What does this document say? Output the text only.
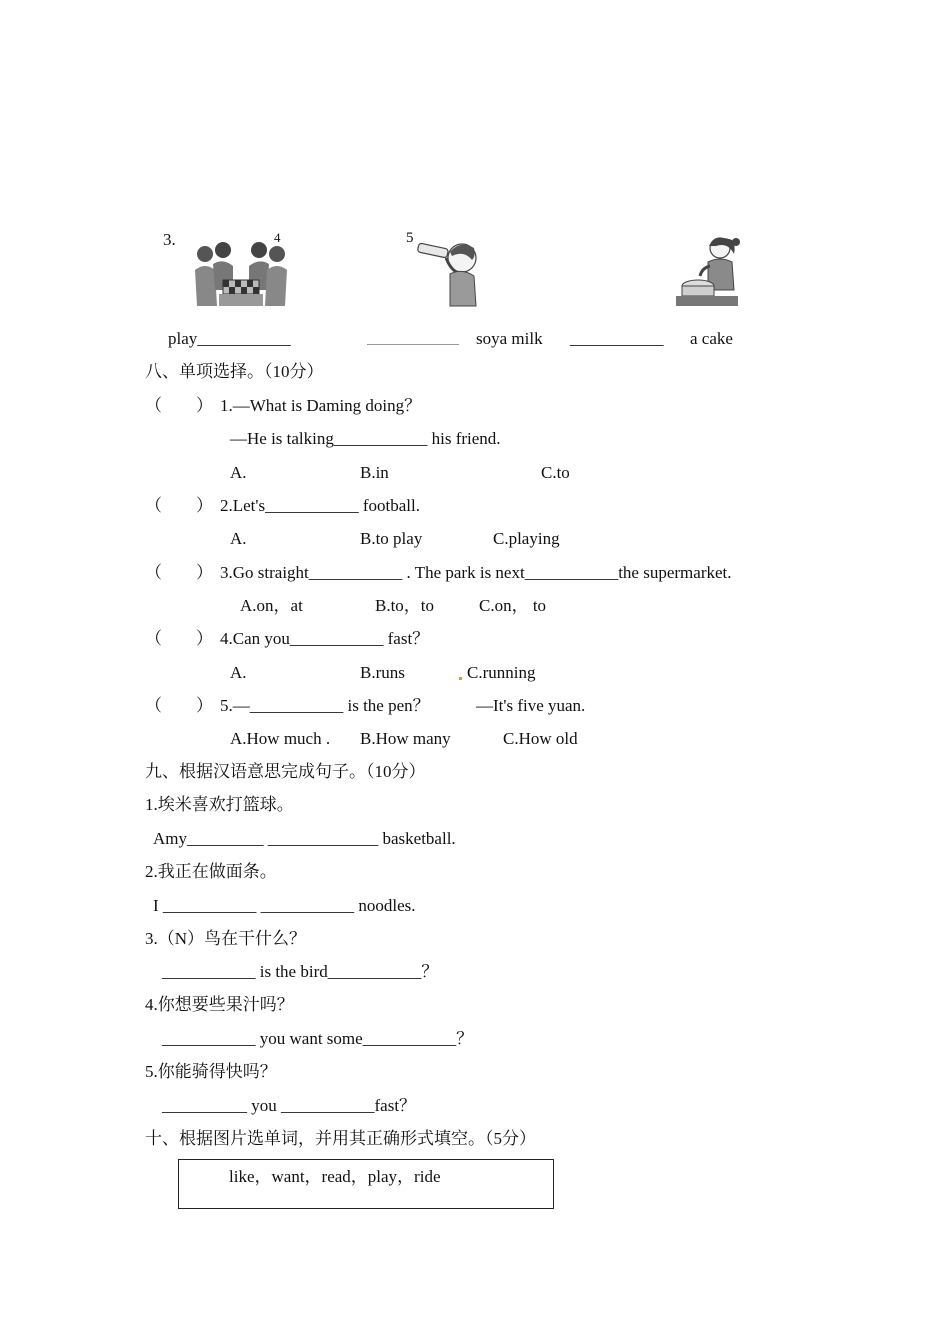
3.	4	5
play___________	soya milk ___________ a cake
八、单项选择。（10分）
（　　） 1.—What is Daming doing？
—He is talking___________ his friend.
A.	B.in	C.to
（　　） 2.Let's___________ football.
A.	B.to play	C.playing
（　　） 3.Go straight___________ . The park is next___________the supermarket.
A.on，at	B.to，to	C.on， to
（　　） 4.Can you___________ fast？
A.	B.runs	C.running
（　　） 5.—___________ is the pen？	—It's five yuan.
A.How much . B.How many	C.How old
九、根据汉语意思完成句子。（10分）
1.埃米喜欢打篮球。
Amy_________ _____________ basketball.
2.我正在做面条。
I ___________ ___________ noodles.
3.（N）鸟在干什么？
___________ is the bird___________？
4.你想要些果汁吗？
___________ you want some___________？
5.你能骑得快吗？
__________ you ___________fast？
十、根据图片选单词，并用其正确形式填空。（5分）
like，want，read，play，ride
